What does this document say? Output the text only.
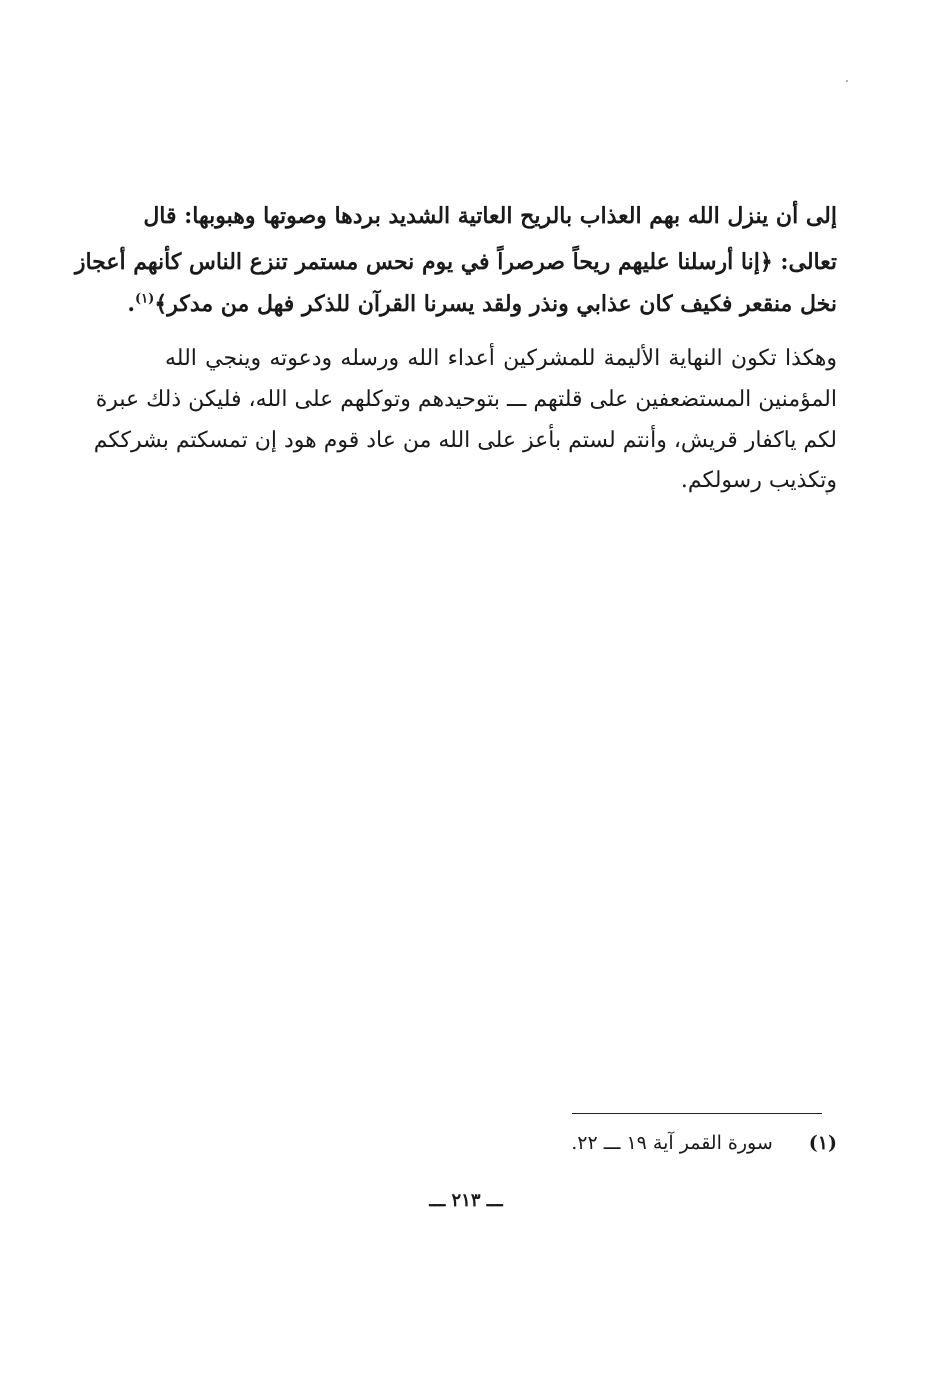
إلى أن ينزل الله بهم العذاب بالريح العاتية الشديد بردها وصوتها وهبوبها: قال
تعالى: ﴿إنا أرسلنا عليهم ريحاً صرصراً في يوم نحس مستمر تنزع الناس كأنهم أعجاز
نخل منقعر فكيف كان عذابي ونذر ولقد يسرنا القرآن للذكر فهل من مدكر﴾$^{(١)}$.
وهكذا تكون النهاية الأليمة للمشركين أعداء الله ورسله ودعوته وينجي الله
المؤمنين المستضعفين على قلتهم ـــ بتوحيدهم وتوكلهم على الله، فليكن ذلك عبرة
لكم ياكفار قريش، وأنتم لستم بأعز على الله من عاد قوم هود إن تمسكتم بشرككم
وتكذيب رسولكم.
(١)سورة القمر آية ١٩ ـــ ٢٢.
ـــ ٢١٣ ـــ
